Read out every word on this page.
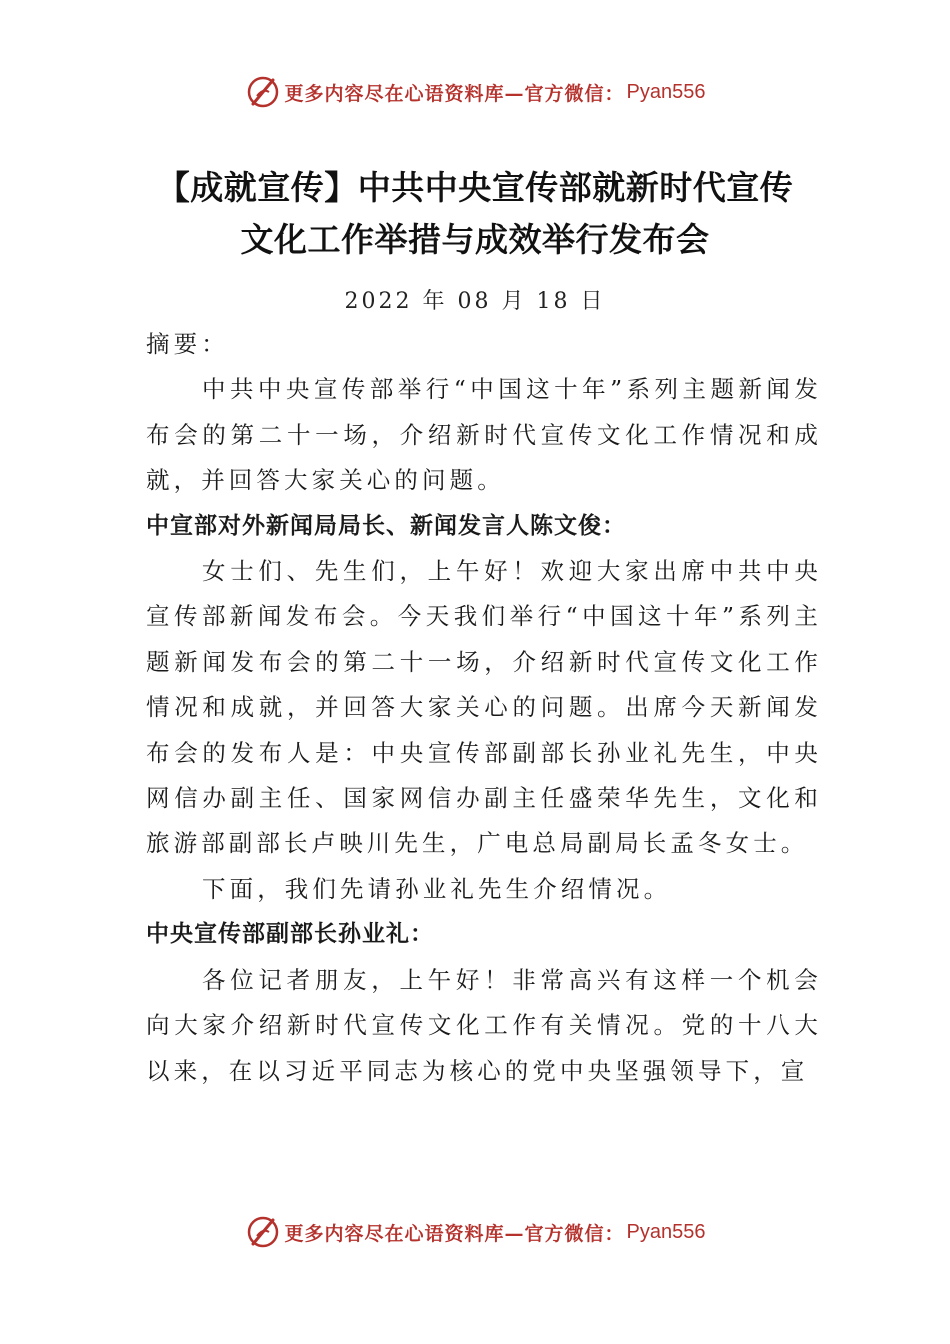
更多内容尽在心语资料库—官方微信： Pyan556
【成就宣传】中共中央宣传部就新时代宣传
文化工作举措与成效举行发布会
2022 年 08 月 18 日

摘要：

中共中央宣传部举行“中国这十年”系列主题新闻发布会的第二十一场，介绍新时代宣传文化工作情况和成就，并回答大家关心的问题。

中宣部对外新闻局局长、新闻发言人陈文俊：

女士们、先生们，上午好！欢迎大家出席中共中央宣传部新闻发布会。今天我们举行“中国这十年”系列主题新闻发布会的第二十一场，介绍新时代宣传文化工作情况和成就，并回答大家关心的问题。出席今天新闻发布会的发布人是：中央宣传部副部长孙业礼先生，中央网信办副主任、国家网信办副主任盛荣华先生，文化和旅游部副部长卢映川先生，广电总局副局长孟冬女士。

下面，我们先请孙业礼先生介绍情况。

中央宣传部副部长孙业礼：

各位记者朋友，上午好！非常高兴有这样一个机会向大家介绍新时代宣传文化工作有关情况。党的十八大以来，在以习近平同志为核心的党中央坚强领导下，宣

更多内容尽在心语资料库—官方微信： Pyan556
